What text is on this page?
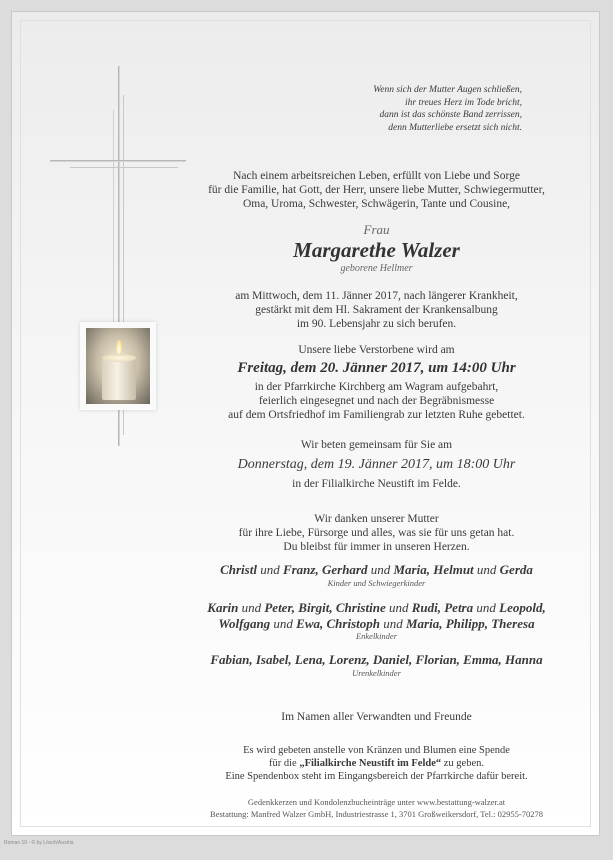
Wenn sich der Mutter Augen schließen,
ihr treues Herz im Tode bricht,
dann ist das schönste Band zerrissen,
denn Mutterliebe ersetzt sich nicht.
Nach einem arbeitsreichen Leben, erfüllt von Liebe und Sorge
für die Familie, hat Gott, der Herr, unsere liebe Mutter, Schwiegermutter,
Oma, Uroma, Schwester, Schwägerin, Tante und Cousine,
Frau
Margarethe Walzer
geborene Hellmer
am Mittwoch, dem 11. Jänner 2017, nach längerer Krankheit,
gestärkt mit dem Hl. Sakrament der Krankensalbung
im 90. Lebensjahr zu sich berufen.
Unsere liebe Verstorbene wird am
Freitag, dem 20. Jänner 2017, um 14:00 Uhr
in der Pfarrkirche Kirchberg am Wagram aufgebahrt,
feierlich eingesegnet und nach der Begräbnismesse
auf dem Ortsfriedhof im Familiengrab zur letzten Ruhe gebettet.
Wir beten gemeinsam für Sie am
Donnerstag, dem 19. Jänner 2017, um 18:00 Uhr
in der Filialkirche Neustift im Felde.
Wir danken unserer Mutter
für ihre Liebe, Fürsorge und alles, was sie für uns getan hat.
Du bleibst für immer in unseren Herzen.
Christl und Franz, Gerhard und Maria, Helmut und Gerda
Kinder und Schwiegerkinder
Karin und Peter, Birgit, Christine und Rudi, Petra und Leopold,
Wolfgang und Ewa, Christoph und Maria, Philipp, Theresa
Enkelkinder
Fabian, Isabel, Lena, Lorenz, Daniel, Florian, Emma, Hanna
Urenkelkinder
Im Namen aller Verwandten und Freunde
Es wird gebeten anstelle von Kränzen und Blumen eine Spende
für die „Filialkirche Neustift im Felde“ zu geben.
Eine Spendenbox steht im Eingangsbereich der Pfarrkirche dafür bereit.
Gedenkkerzen und Kondolenzbucheinträge unter www.bestattung-walzer.at
Bestattung: Manfred Walzer GmbH, Industriestrasse 1, 3701 Großweikersdorf, Tel.: 02955-70278
Roman 10 - © by Lösch/Austria
